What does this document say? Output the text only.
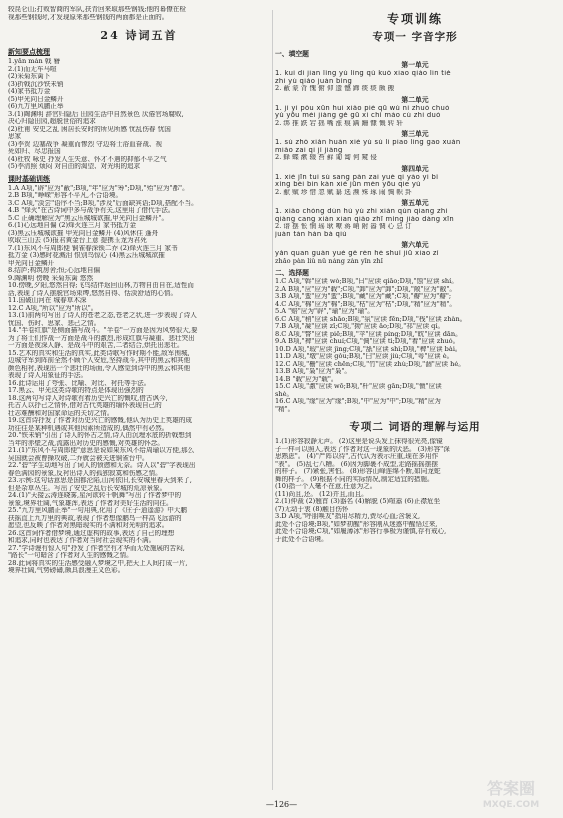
较昆仑山;打败智商的军队,扶青回来取那些钢钱;他的幕僚在检
视那些钢钱时,才发现原来那些钢钱的两面都是正面的。
24 诗词五首
新知要点梳理
1.yǎn mán 戟 簪
2.(1)而无车马喧
(2)采菊东篱下
(3)折戟沉沙铁未销
(4)家书抵万金
(5)甲光向日金鳞开
(6)九万里风鹏正举
3.(1)陶渊明 辞官归隐后 田园生活中自然景色 厌倦官场腐败,
决心归隐田园,超脱世俗的追求
(2)杜甫 安史之乱 困居长安时的所见所感 忧乱伤春 忧国
思家
(3)李贺 边塞战争 凝重而惨烈 守边将士浴血奋战、视
死如归、尽忠报国
(4)杜牧 咏史 抒发人生失意、怀才不遇的抑郁不平之气
(5)李清照 烦闷 对自由的渴望、对光明的追求
课时基础训练
1.A A项,"辟"应为"蔽";B项,"年"应为"筹";D项,"殆"应为"都"。
2.B B项,"峥嵘"形容不平凡,不合语境。
3.C A项,"淡尝"语序不当;B项,"涉及"后面缺宾语;D项,搭配不当。
4.B "烽火"在古诗词中多与战争有关,这里用了借代手法。
5.C 正确理解应为"黑云压城城欲摧,甲光向日金鳞开"。
6.(1)心远地自偏 (2)烽火连三月 家书抵万金
(3)黑云压城城欲摧 甲光向日金鳞开 (4)风休住 蓬舟
吹取三山去 (5)报君黄金台上意 提携玉龙为君死
7.(1)东风不与周郎便 铜雀春深锁二乔 (2)烽火连三月 家书
抵万金 (3)感时花溅泪 恨别鸟惊心 (4)黑云压城城欲摧
甲光向日金鳞开
8.结庐;构筑房舍;恒;心远地自偏
9.陶渊明 傍晚 采菊东篱 悠然
10.傍晚,夕阳,悠然自得;飞鸟结伴返回山林,万物自由自在,适性而
活,表现了诗人摆脱官场束缚,悠然自得、恬淡舒适的心情。
11.国破山河在 城春草木深
12.C A项,"所以"应为"所以"。
13.(1)前两句写出了诗人的苍老之态,苍老之状,进一步表现了诗人
忧国、伤时、思家、悲己之情。
14."半卷红旗"是侧面描写战斗。"半卷"一方面是因为风势很大,要
为了将士们作战一方面是战斗的激烈,形成红旗与凝重、悲壮突出
一方面是夜深人静、是战斗中的艰苦,二者结合,烘托出悲壮。
15.艺术的真实和生活的真实,此类诗歌写作时期不能,敌军围城,
边城守军到阵前全然不顾个人安危,坚持战斗,其中的黑云和其他
颜色相衬,表现出一个悲壮的场面,令人感觉到诗中的黑云和其他
表现了诗人用象征的手法。
16.此诗运用了夸张、比喻、对比、衬托等手法。
17.黑云、甲光这类诗歌的特点是体现出强烈的
18.这两句写诗人对诗歌有着历史兴亡的慨叹,借古讽今,
托古人以抒己之情怀,借对古代英雄的缅怀表现自己的
壮志难酬和对国家命运的关切之情。
19.这首诗抒发了作者对历史兴亡的感慨,他认为历史上英雄的成
功往往是某种机遇或其他因素所造成的,偶然中有必然。
20."铁未销"引出了诗人的怀古之情,诗人由沉埋水底的折戟想到
当年的赤壁之战,流露出对历史的感慨,对英雄的怀念。
21.(1)"东风不与周郎便"意思是说如果东风不给周瑜以方便,那么
吴国就会被曹操攻破,二乔就会被关进铜雀台中。
22."碧"字生动地写出了词人的愤懑和无奈。诗人以"碧"字表现出
春色满园的景象,反衬出诗人的孤独寂寞和伤感之情。
23.示例:这句话意思是国都沦陷,山河依旧,长安城里春天到来了,
但是杂草丛生。写出了安史之乱后长安城的荒凉景象。
24.(1)"天接云涛连晓雾,星河欲转千帆舞"写出了作者梦中的
景象,境界壮阔,气象雄浑,表达了作者对美好生活的向往。
25."九万里风鹏正举"一句用典,化用了《庄子·逍遥游》中大鹏
扶摇直上九万里的典故,表现了作者想像鹏鸟一样高飞远游的
愿望,也反映了作者对黑暗现实的不满和对光明的追求。
26.这首词作者借梦境,通过虚构的故事,表达了自己的理想
和追求,同时也表达了作者对当时社会现实的不满。
27."学诗谩有惊人句"抒发了作者空有才华而无处施展的苦闷,
"路长"一句暗含了作者对人生的感慨之情。
28.此词将真实的生活感受融入梦境之中,把天上人间打成一片,
境界壮阔,气势磅礴,颇具浪漫主义色彩。
专项训练
专项一 字音字形
一、填空题
第一单元
1. kuì dì jiān lǐng yù lǐng qǔ kuò xiāo qiáo lín tiě
zhì yú qiǎo juàn bǐng
2. 蔽 蒙 背 愧 俯 仰 遗 憾 蹄 痰 痰 颇 搬
第二单元
1. jì yì pǒu xūn huì xiǎo pié qū wǔ nì zhuó chuò
yǔ yōu méi jiàng gě gū xì chǐ máo cù zhì duó
2. 绑 推 跌 宕 拙 嘴 涨 痕 蹒 跚 慷 慨 转 轩
第三单元
1. sù zhò xiǎn huàn xiè yù sù lì piāo líng gāo xuàn
miǎo zāi qì jǐ jiàng
2. 蜂 蝶 漱 辍 苔 藓 匍 匐 何 窥 侵
第四单元
1. xiè jīn tuì sù sāng pán zāi yuè qí yáo yì bǐ
xǐng bèi bìn kàn xiè jūn mén yōu qiē yǔ
2. 献 赋 珍 惜 忽 赋 纂 选 濒 殊 琢 闹 惆 帜 卦
第五单元
1. xiǎo chóng dùn hú yù zhí xián qún qiāng zhì
qiáng cāng xián xiān qiǎo zhī mǐng jiǎo dàng xīn
2. 谱 摆 怅 惘 瑶 耿 嘹 蒋 峭 附 嚣 惆 心 总 订
juàn tán hán bá qiú
第六单元
yǎn quān guàn yuè gě rèn hè shuǐ jiū xiāo zǐ
zhǎo pàn liǔ nǜ náng zàn yīn zhǐ
二、选择题
1.C A项,"斡"应读 wò;B项,"曰"应读 qiāo;D项,"蚀"应读 shí。
2.A B项,"应"应为"载";C项,"卸"应为"卸";D项,"敞"应为"敝"。
3.B A项,"蛮"应为"蛮";B项,"藏"应为"藏";C项,"瓣"应为"瓣";
4.C A项,"棉"应为"棉";B项,"枯"应为"枯";D项,"精"应为"精"。
5.A "赔"应为"辟","瑜"应为"瑜"。
6.C A项,"稍"应读 shāo;B项,"氛"应读 fēn;D项,"栈"应读 zhàn。
7.B A项,"凝"应读 zǐ;C项,"拗"应读 ǎo;D项,"祁"应读 qí。
8.C A项,"瞥"应读 piē;B项,"苹"应读 píng;D项,"眈"应读 dān。
9.A B项,"裨"应读 chuí;C项,"倜"应读 tì;D项,"着"应读 zhuó。
10.D A项,"瑕"应读 jìng;C项,"舐"应读 shì;D项,"稗"应读 bài。
11.D A项,"墩"应读 gǒu;B项,"臼"应读 jiù;C项,"萼"应读 è。
12.C A项,"栅"应读 chēn;C项,"竹"应读 zhù;D项,"涸"应读 hé。
13.B A项,"枭"应为"枭"。
14.B "载"应为"载"。
15.C A项,"激"应读 wō;B项,"杆"应读 gān;D项,"慑"应读
shè。
16.C A项,"缘"应为"缘";B项,"中"应为"中";D项,"精"应为
"精"。
专项二 词语的理解与运用
1.(1)形容寂静无声。 (2)这里是说头发上抹得很光亮,像镜
子一样可以照人,表达了作者对这一现象的厌恶。 (3)形容"深
思熟虑"。 (4)"严阵以待",古代认为表示庄重,现在多用作
"表"。 (5)乱七八糟。 (6)因为脚裹不成型,走路摇摇摆摆
的样子。 (7)紧张,害怕。 (8)形容山峰连绵不断,如同龙蛇
舞的样子。 (9)根据不同的实际情况,制定适宜的措施。
(10)指一个人毫不在意,任意为之。
(11)尚且,还。 (12)并且,而且。
2.(1)仲裁 (2)翘首 (3)器名 (4)解脱 (5)喧嚣 (6)正襟危坐
(7)无动于衷 (8)触目伤怀
3.D A项,"呼朋唤友"指用尽精力,费尽心血;含褒义,
此处不合语境;B项,"如梦初醒"形容刚从迷惑中醒悟过来,
此处不合语境;C项,"如履薄冰"形容行事极为谨慎,存有戒心,
于此处不合语境。
—126—
答案圈
MXQE.COM
